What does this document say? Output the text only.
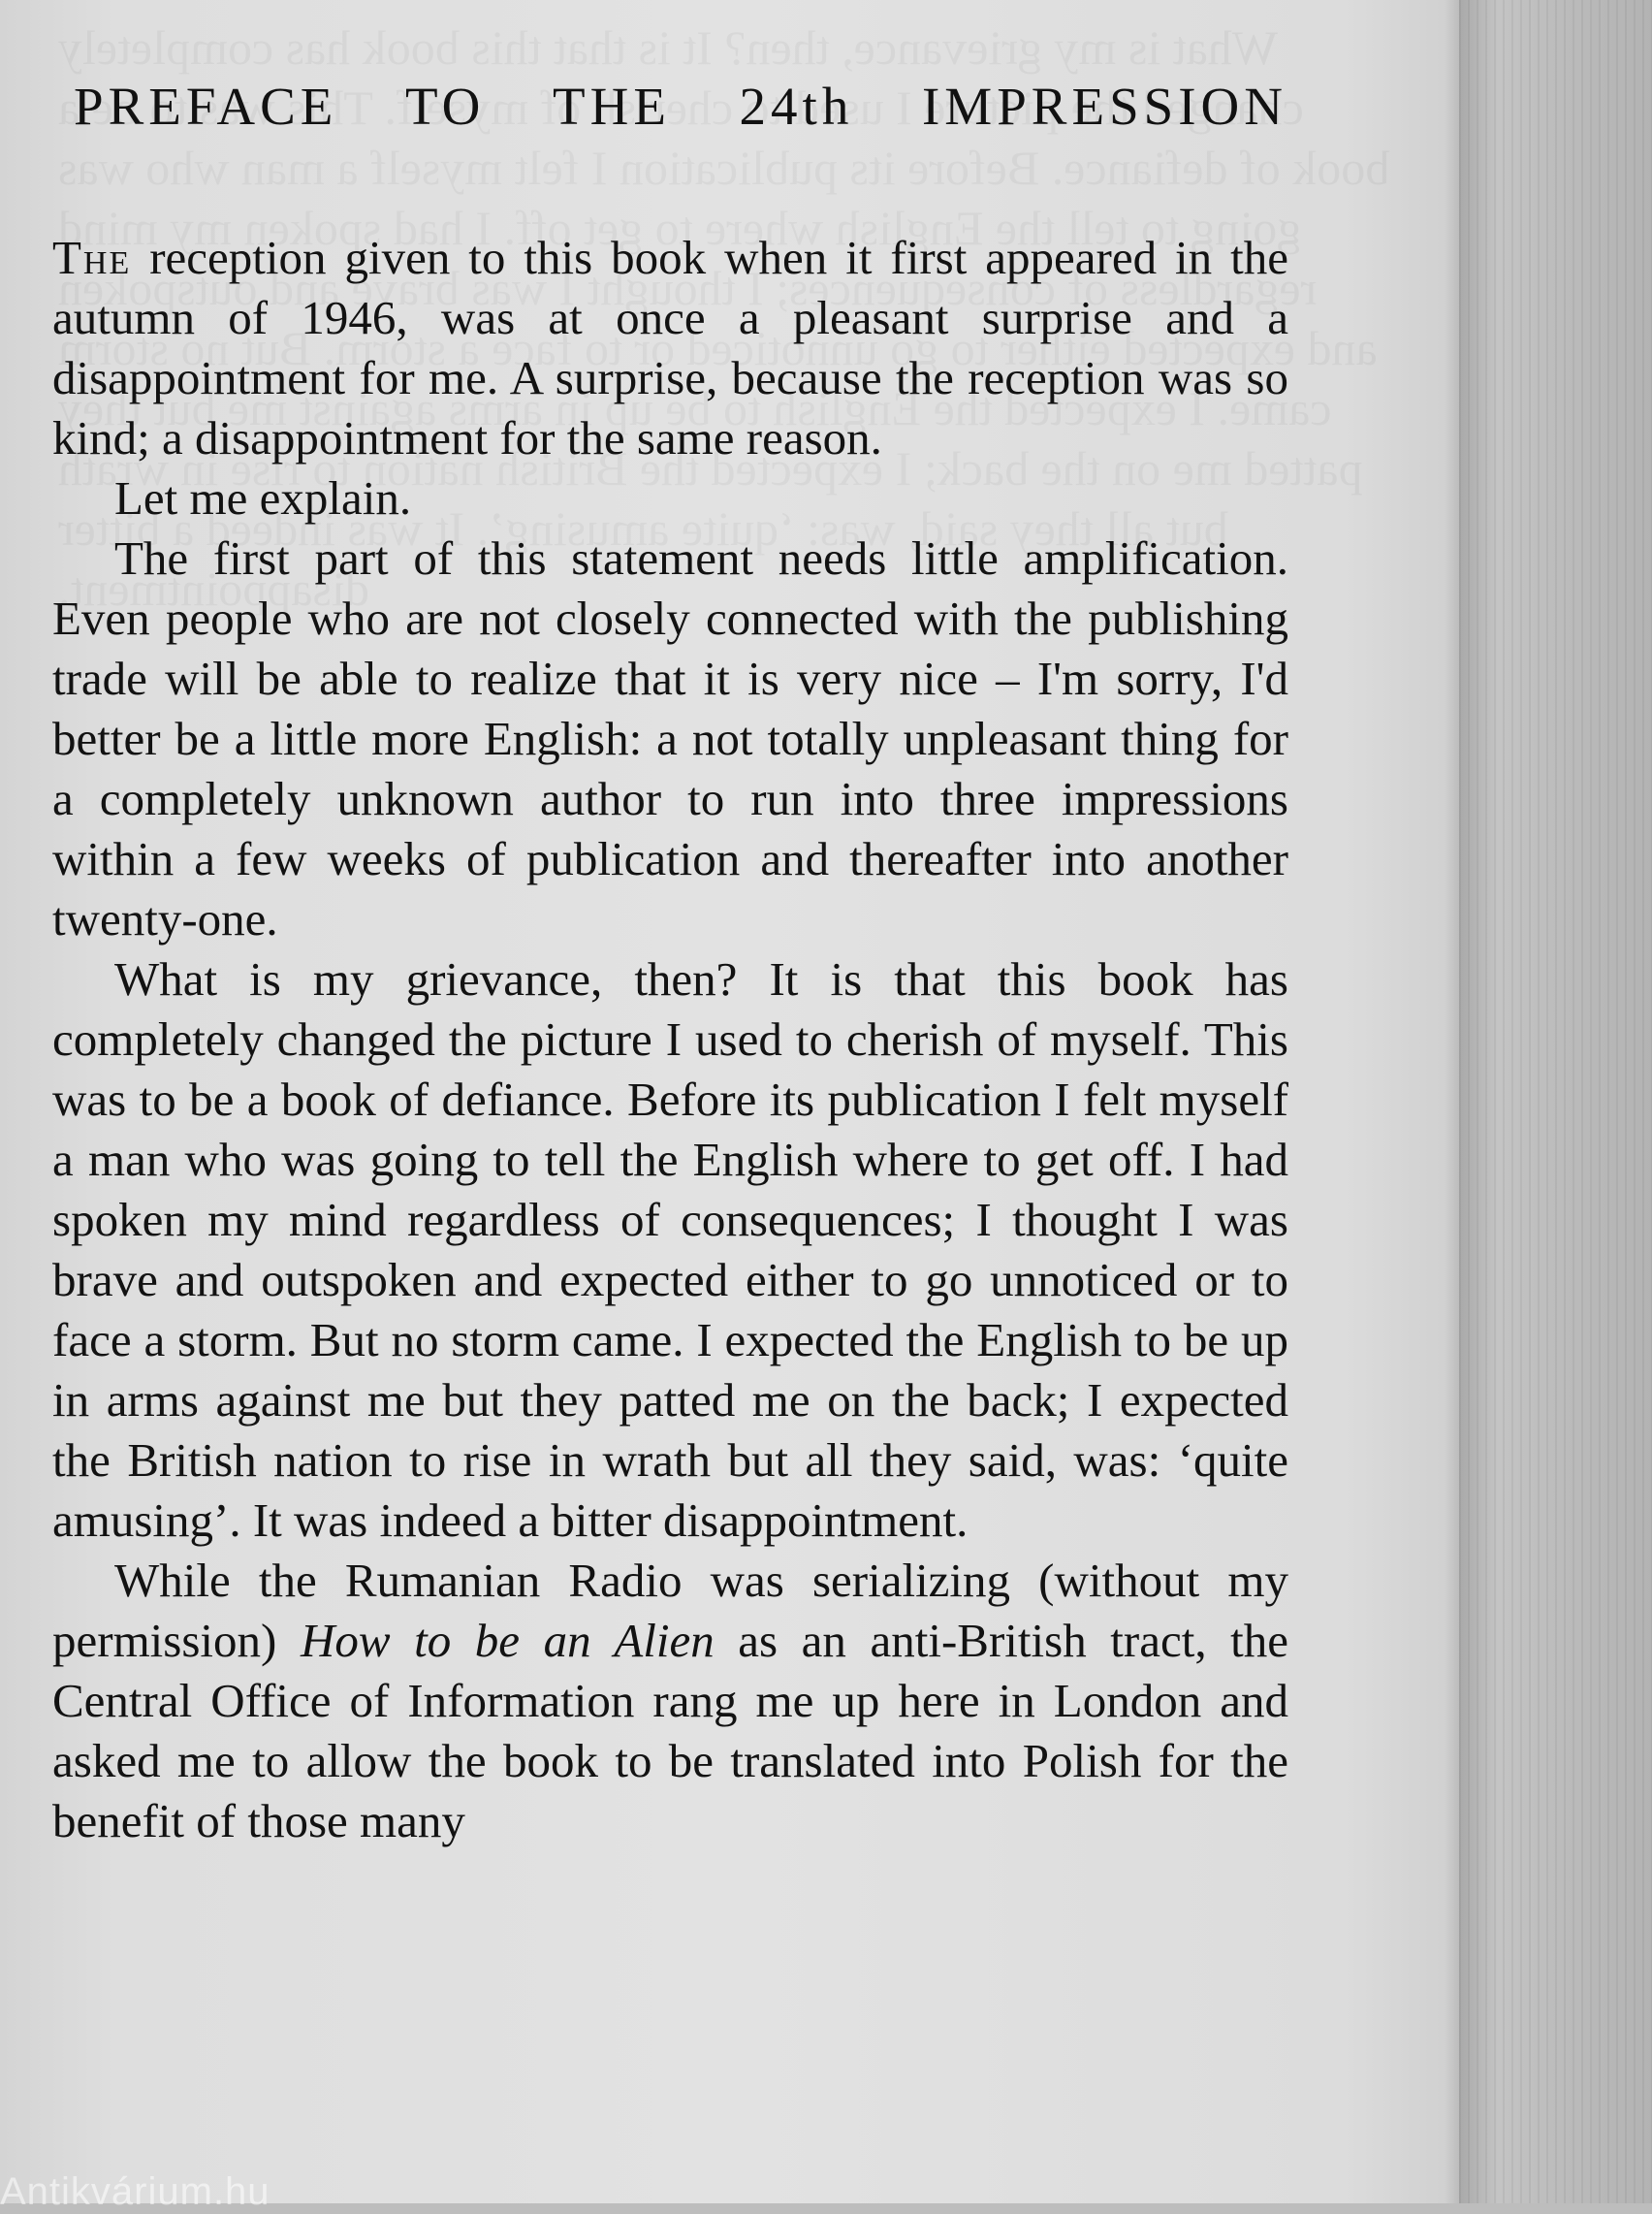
PREFACE TO THE 24th IMPRESSION

The reception given to this book when it first appeared in the autumn of 1946, was at once a pleasant surprise and a disappointment for me. A surprise, because the reception was so kind; a disappointment for the same reason.

Let me explain.

The first part of this statement needs little amplification. Even people who are not closely connected with the publishing trade will be able to realize that it is very nice – I'm sorry, I'd better be a little more English: a not totally unpleasant thing for a completely unknown author to run into three impressions within a few weeks of publication and thereafter into another twenty-one.

What is my grievance, then? It is that this book has completely changed the picture I used to cherish of myself. This was to be a book of defiance. Before its publication I felt myself a man who was going to tell the English where to get off. I had spoken my mind regardless of consequences; I thought I was brave and outspoken and expected either to go unnoticed or to face a storm. But no storm came. I expected the English to be up in arms against me but they patted me on the back; I expected the British nation to rise in wrath but all they said, was: ‘quite amusing’. It was indeed a bitter disappointment.

While the Rumanian Radio was serializing (without my permission) How to be an Alien as an anti-British tract, the Central Office of Information rang me up here in London and asked me to allow the book to be translated into Polish for the benefit of those many

Antikvárium.hu
